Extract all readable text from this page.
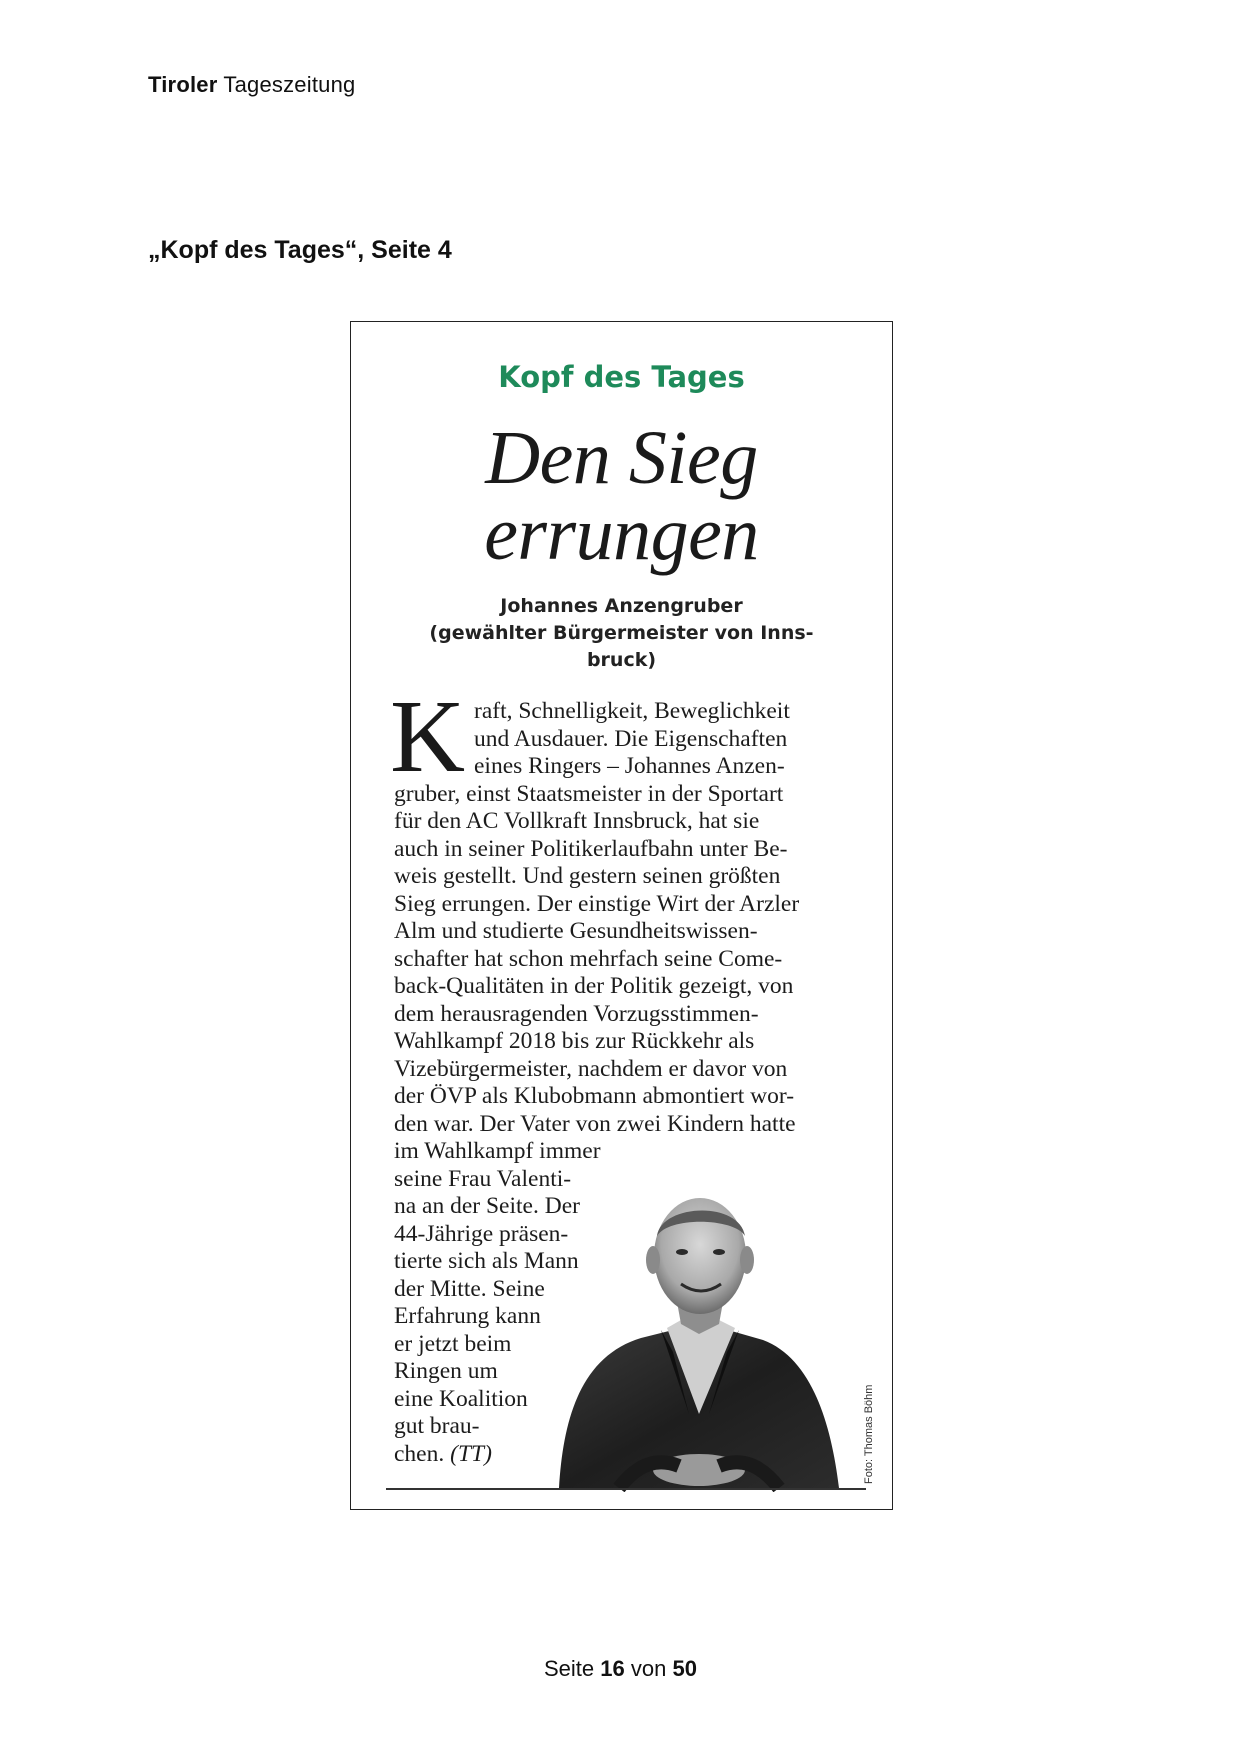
Tiroler Tageszeitung
„Kopf des Tages“, Seite 4
Kopf des Tages
Den Sieg
errungen
Johannes Anzengruber
(gewählter Bürgermeister von Inns-
bruck)
K raft, Schnelligkeit, Beweglichkeit
und Ausdauer. Die Eigenschaften
eines Ringers – Johannes Anzen-
gruber, einst Staatsmeister in der Sportart
für den AC Vollkraft Innsbruck, hat sie
auch in seiner Politikerlaufbahn unter Be-
weis gestellt. Und gestern seinen größten
Sieg errungen. Der einstige Wirt der Arzler
Alm und studierte Gesundheitswissen-
schafter hat schon mehrfach seine Come-
back-Qualitäten in der Politik gezeigt, von
dem herausragenden Vorzugsstimmen-
Wahlkampf 2018 bis zur Rückkehr als
Vizebürgermeister, nachdem er davor von
der ÖVP als Klubobmann abmontiert wor-
den war. Der Vater von zwei Kindern hatte
im Wahlkampf immer
seine Frau Valenti-
na an der Seite. Der
44-Jährige präsen-
tierte sich als Mann
der Mitte. Seine
Erfahrung kann
er jetzt beim
Ringen um
eine Koalition
gut brau-
chen. (TT)	Foto: Thomas Böhm
Seite 16 von 50
